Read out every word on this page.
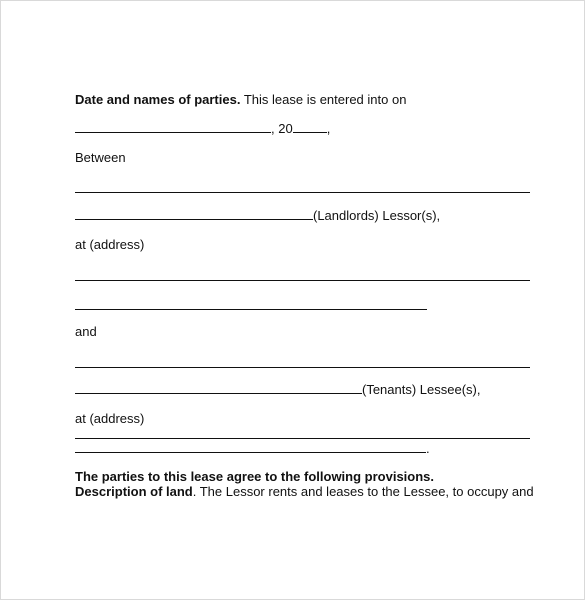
Date and names of parties. This lease is entered into on
, 20	,
Between
(Landlords) Lessor(s),
at (address)
and
(Tenants) Lessee(s),
at (address)
.
The parties to this lease agree to the following provisions.
Description of land. The Lessor rents and leases to the Lessee, to occupy and
